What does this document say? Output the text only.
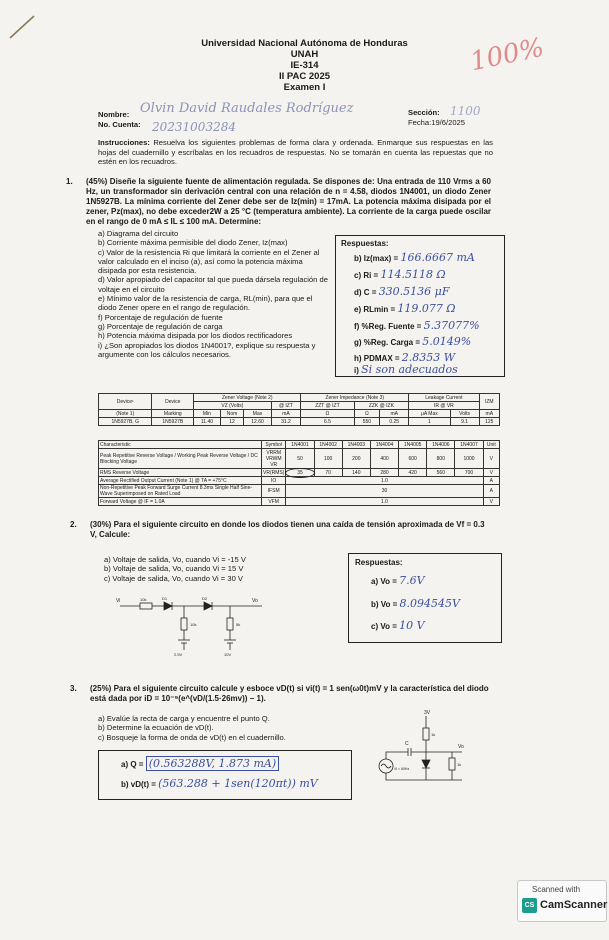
Universidad Nacional Autónoma de Honduras
UNAH
IE-314
II PAC 2025
Examen I
100%
Nombre: Olvin David Raudales Rodríguez
No. Cuenta: 20231003284
Sección: 1100
Fecha:19/6/2025
Instrucciones: Resuelva los siguientes problemas de forma clara y ordenada. Enmarque sus respuestas en las hojas del cuadernillo y escríbalas en los recuadros de respuestas. No se tomarán en cuenta las repuestas que no estén en los recuadros.
1. (45%) Diseñe la siguiente fuente de alimentación regulada. Se dispones de: Una entrada de 110 Vrms a 60 Hz, un transformador sin derivación central con una relación de n = 4.58, diodos 1N4001, un diodo Zener 1N5927B. La mínima corriente del Zener debe ser de Iz(min) = 17mA. La potencia máxima disipada por el zener, Pz(max), no debe exceder2W a 25 °C (temperatura ambiente). La corriente de la carga puede oscilar en el rango de 0 mA ≤ IL ≤ 100 mA. Determine:
a) Diagrama del circuito
b) Corriente máxima permisible del diodo Zener, Iz(max)
c) Valor de la resistencia Ri que limitará la corriente en el Zener al valor calculado en el inciso (a), así como la potencia máxima disipada por esta resistencia.
d) Valor apropiado del capacitor tal que pueda dársela regulación de voltaje en el circuito
e) Mínimo valor de la resistencia de carga, RL(min), para que el diodo Zener opere en el rango de regulación.
f) Porcentaje de regulación de fuente
g) Porcentaje de regulación de carga
h) Potencia máxima disipada por los diodos rectificadores
i) ¿Son apropiados los diodos 1N4001?, explique su respuesta y argumente con los cálculos necesarios.
Respuestas:
b) Iz(max) = 166.6667 mA
c) Ri = 114.5118 Ω
d) C = 330.5136 μF
e) RLmin = 119.077 Ω
f) %Reg. Fuente = 5.37077%
g) %Reg. Carga = 5.0149%
h) PDMAX = 2.8353 W
i) Si son adecuados
Device¹	Device	Zener Voltage (Note 2)				Zener Impedance (Note 3)			Leakage Current		IZM
		VZ (Volts)			@ IZT	ZZT @ IZT	ZZK @ IZK		IR @ VR		
(Note 1)	Marking	Min	Nom	Max	mA	Ω	Ω	mA	μA Max	Volts	mA
1N5927B, G	1N5927B	11.40	12	12.60	31.2	6.5	550	0.25	1	9.1	125
Characteristic	Symbol	1N4001	1N4002	1N4003	1N4004	1N4005	1N4006	1N4007	Unit
Peak Repetitive Reverse Voltage / Working Peak Reverse Voltage / DC Blocking Voltage	VRRM VRWM VR	50	100	200	400	600	800	1000	V
RMS Reverse Voltage	VR(RMS)	35	70	140	280	420	560	700	V
Average Rectified Output Current (Note 1) @ TA = +75°C	IO	1.0							A
Non-Repetitive Peak Forward Surge Current 8.3ms Single Half Sine-Wave Superimposed on Rated Load	IFSM	30							A
Forward Voltage @ IF = 1.0A	VFM	1.0							V
2. (30%) Para el siguiente circuito en donde los diodos tienen una caída de tensión aproximada de Vf = 0.3 V, Calcule:
a) Voltaje de salida, Vo, cuando Vi = -15 V
b) Voltaje de salida, Vo, cuando Vi = 15 V
c) Voltaje de salida, Vo, cuando Vi = 30 V
Vi	10k	D1	D2	Vo
10k	5k
2.5V	10V
Respuestas:
a) Vo = 7.6V
b) Vo = 8.094545V
c) Vo = 10 V
3. (25%) Para el siguiente circuito calcule y esboce vD(t) si vi(t) = 1 sen(ω0t)mV y la característica del diodo está dada por iD = 10⁻⁹(e^(vD/(1.5·26mv)) − 1).
a) Evalúe la recta de carga y encuentre el punto Q.
b) Determine la ecuación de vD(t).
c) Bosqueje la forma de onda de vD(t) en el cuadernillo.
3V
C
1k
Vo
Vi = 60Hz
1k
a) Q = (0.563288V, 1.873 mA)
b) vD(t) = (563.288 + 1sen(120πt)) mV
Scanned with
CS CamScanner
